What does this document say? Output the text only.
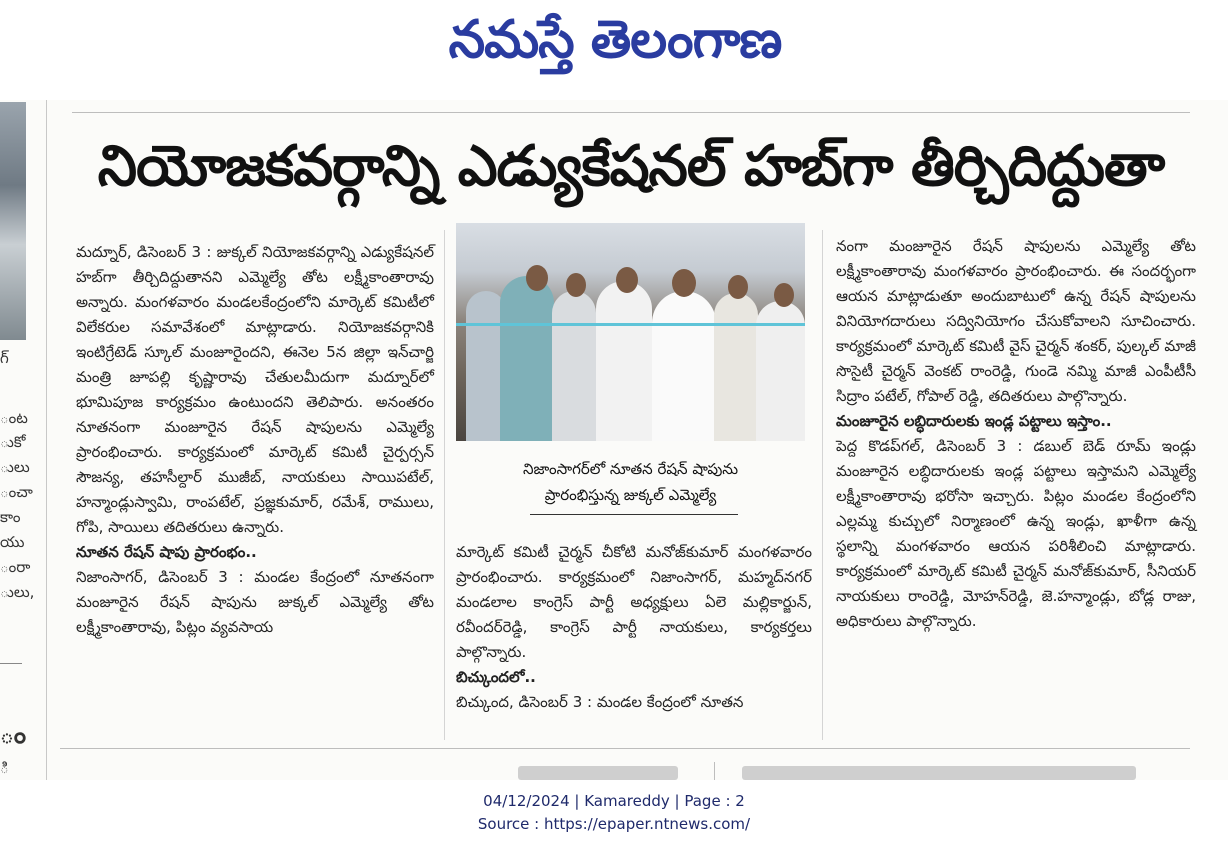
నమస్తే తెలంగాణ
గ్
ంట
ుకో
ులు
ంచా
కాం
యు
ంరా
ులు,
ం
ి
నియోజకవర్గాన్ని ఎడ్యుకేషనల్ హబ్‌గా తీర్చిదిద్దుతా

మద్నూర్, డిసెంబర్ 3 : జుక్కల్ నియోజకవర్గాన్ని ఎడ్యుకేషనల్ హబ్‌గా తీర్చిదిద్దుతానని ఎమ్మెల్యే తోట లక్ష్మీకాంతారావు అన్నారు. మంగళవారం మండలకేంద్రంలోని మార్కెట్ కమిటీలో విలేకరుల సమావేశంలో మాట్లాడారు. నియోజకవర్గానికి ఇంటిగ్రేటెడ్ స్కూల్ మంజూరైందని, ఈనెల 5న జిల్లా ఇన్‌చార్జి మంత్రి జూపల్లి కృష్ణారావు చేతులమీదుగా మద్నూర్‌లో భూమిపూజ కార్యక్రమం ఉంటుందని తెలిపారు. అనంతరం నూతనంగా మంజూరైన రేషన్ షాపులను ఎమ్మెల్యే ప్రారంభించారు. కార్యక్రమంలో మార్కెట్ కమిటీ చైర్పర్సన్ సౌజన్య, తహసీల్దార్ ముజీబ్, నాయకులు సాయిపటేల్, హన్మాండ్లుస్వామి, రాంపటేల్, ప్రజ్ఞకుమార్, రమేశ్, రాములు, గోపి, సాయిలు తదితరులు ఉన్నారు.

నూతన రేషన్ షాపు ప్రారంభం..

నిజాంసాగర్, డిసెంబర్ 3 : మండల కేంద్రంలో నూతనంగా మంజూరైన రేషన్ షాపును జుక్కల్ ఎమ్మెల్యే తోట లక్ష్మీకాంతారావు, పిట్లం వ్యవసాయ

నిజాంసాగర్‌లో నూతన రేషన్ షాపును
ప్రారంభిస్తున్న జుక్కల్ ఎమ్మెల్యే

మార్కెట్ కమిటీ చైర్మన్ చీకోటి మనోజ్‌కుమార్ మంగళవారం ప్రారంభించారు. కార్యక్రమంలో నిజాంసాగర్, మహ్మద్‌నగర్ మండలాల కాంగ్రెస్ పార్టీ అధ్యక్షులు ఏలె మల్లికార్జున్, రవీందర్‌రెడ్డి, కాంగ్రెస్ పార్టీ నాయకులు, కార్యకర్తలు పాల్గొన్నారు.

బిచ్కుందలో..

బిచ్కుంద, డిసెంబర్ 3 : మండల కేంద్రంలో నూతన

నంగా మంజూరైన రేషన్ షాపులను ఎమ్మెల్యే తోట లక్ష్మీకాంతారావు మంగళవారం ప్రారంభించారు. ఈ సందర్భంగా ఆయన మాట్లాడుతూ అందుబాటులో ఉన్న రేషన్ షాపులను వినియోగదారులు సద్వినియోగం చేసుకోవాలని సూచించారు. కార్యక్రమంలో మార్కెట్ కమిటీ వైస్ చైర్మన్ శంకర్, పుల్కల్ మాజీ సొసైటీ చైర్మన్ వెంకట్ రాంరెడ్డి, గుండె నమ్మి మాజీ ఎంపీటీసీ సిద్రాం పటేల్, గోపాల్ రెడ్డి, తదితరులు పాల్గొన్నారు.

మంజూరైన లబ్ధిదారులకు ఇండ్ల పట్టాలు ఇస్తాం..

పెద్ద కొడప్‌గల్, డిసెంబర్ 3 : డబుల్ బెడ్ రూమ్ ఇండ్లు మంజూరైన లబ్ధిదారులకు ఇండ్ల పట్టాలు ఇస్తామని ఎమ్మెల్యే లక్ష్మీకాంతారావు భరోసా ఇచ్చారు. పిట్లం మండల కేంద్రంలోని ఎల్లమ్మ కుచ్చులో నిర్మాణంలో ఉన్న ఇండ్లు, ఖాళీగా ఉన్న స్థలాన్ని మంగళవారం ఆయన పరిశీలించి మాట్లాడారు. కార్యక్రమంలో మార్కెట్ కమిటీ చైర్మన్ మనోజ్‌కుమార్, సీనియర్ నాయకులు రాంరెడ్డి, మోహన్‌రెడ్డి, జె.హన్మాండ్లు, బోడ్ల రాజు, అధికారులు పాల్గొన్నారు.

04/12/2024 | Kamareddy | Page : 2
Source : https://epaper.ntnews.com/
